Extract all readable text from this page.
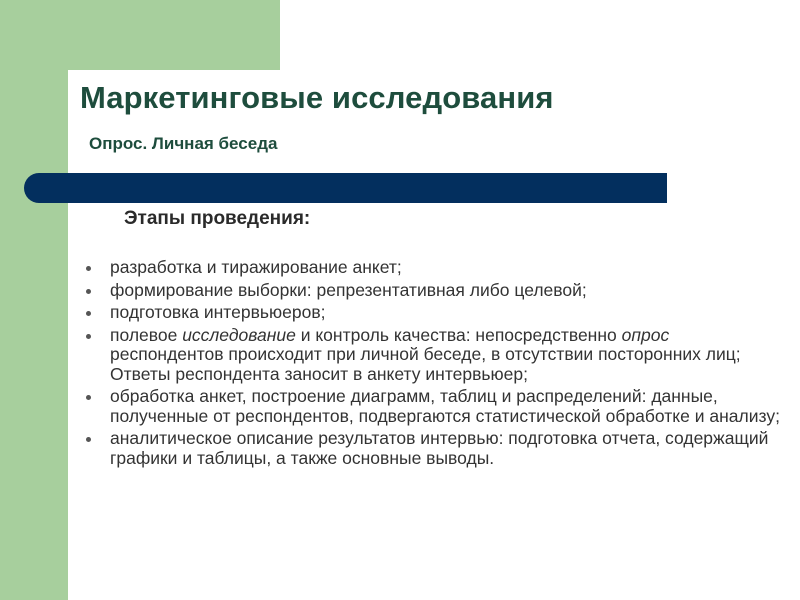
Маркетинговые исследования
Опрос. Личная беседа
Этапы проведения:
разработка и тиражирование анкет;
формирование выборки: репрезентативная либо целевой;
подготовка интервьюеров;
полевое исследование и контроль качества: непосредственно опрос респондентов происходит при личной беседе, в отсутствии посторонних лиц; Ответы респондента заносит в анкету интервьюер;
обработка анкет, построение диаграмм, таблиц и распределений: данные, полученные от респондентов, подвергаются статистической обработке и анализу;
аналитическое описание результатов интервью: подготовка отчета, содержащий графики и таблицы, а также основные выводы.
